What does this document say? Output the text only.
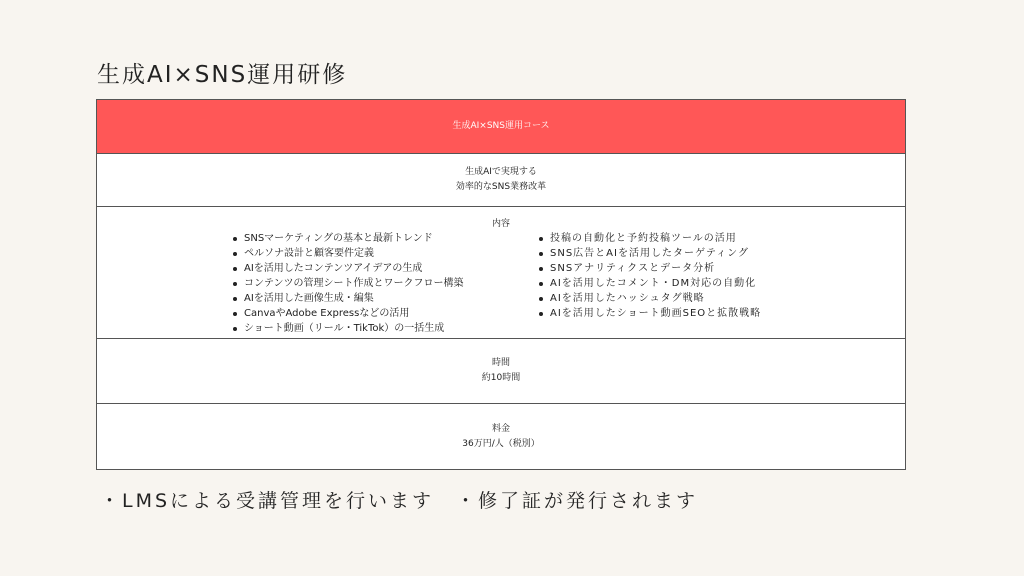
生成AI×SNS運用研修
生成AI×SNS運用コース
生成AIで実現する
効率的なSNS業務改革
内容
SNSマーケティングの基本と最新トレンド
ペルソナ設計と顧客要件定義
AIを活用したコンテンツアイデアの生成
コンテンツの管理シート作成とワークフロー構築
AIを活用した画像生成・編集
CanvaやAdobe Expressなどの活用
ショート動画（リール・TikTok）の一括生成
投稿の自動化と予約投稿ツールの活用
SNS広告とAIを活用したターゲティング
SNSアナリティクスとデータ分析
AIを活用したコメント・DM対応の自動化
AIを活用したハッシュタグ戦略
AIを活用したショート動画SEOと拡散戦略
時間
約10時間
料金
36万円/人（税別）
・LMSによる受講管理を行います　・修了証が発行されます
